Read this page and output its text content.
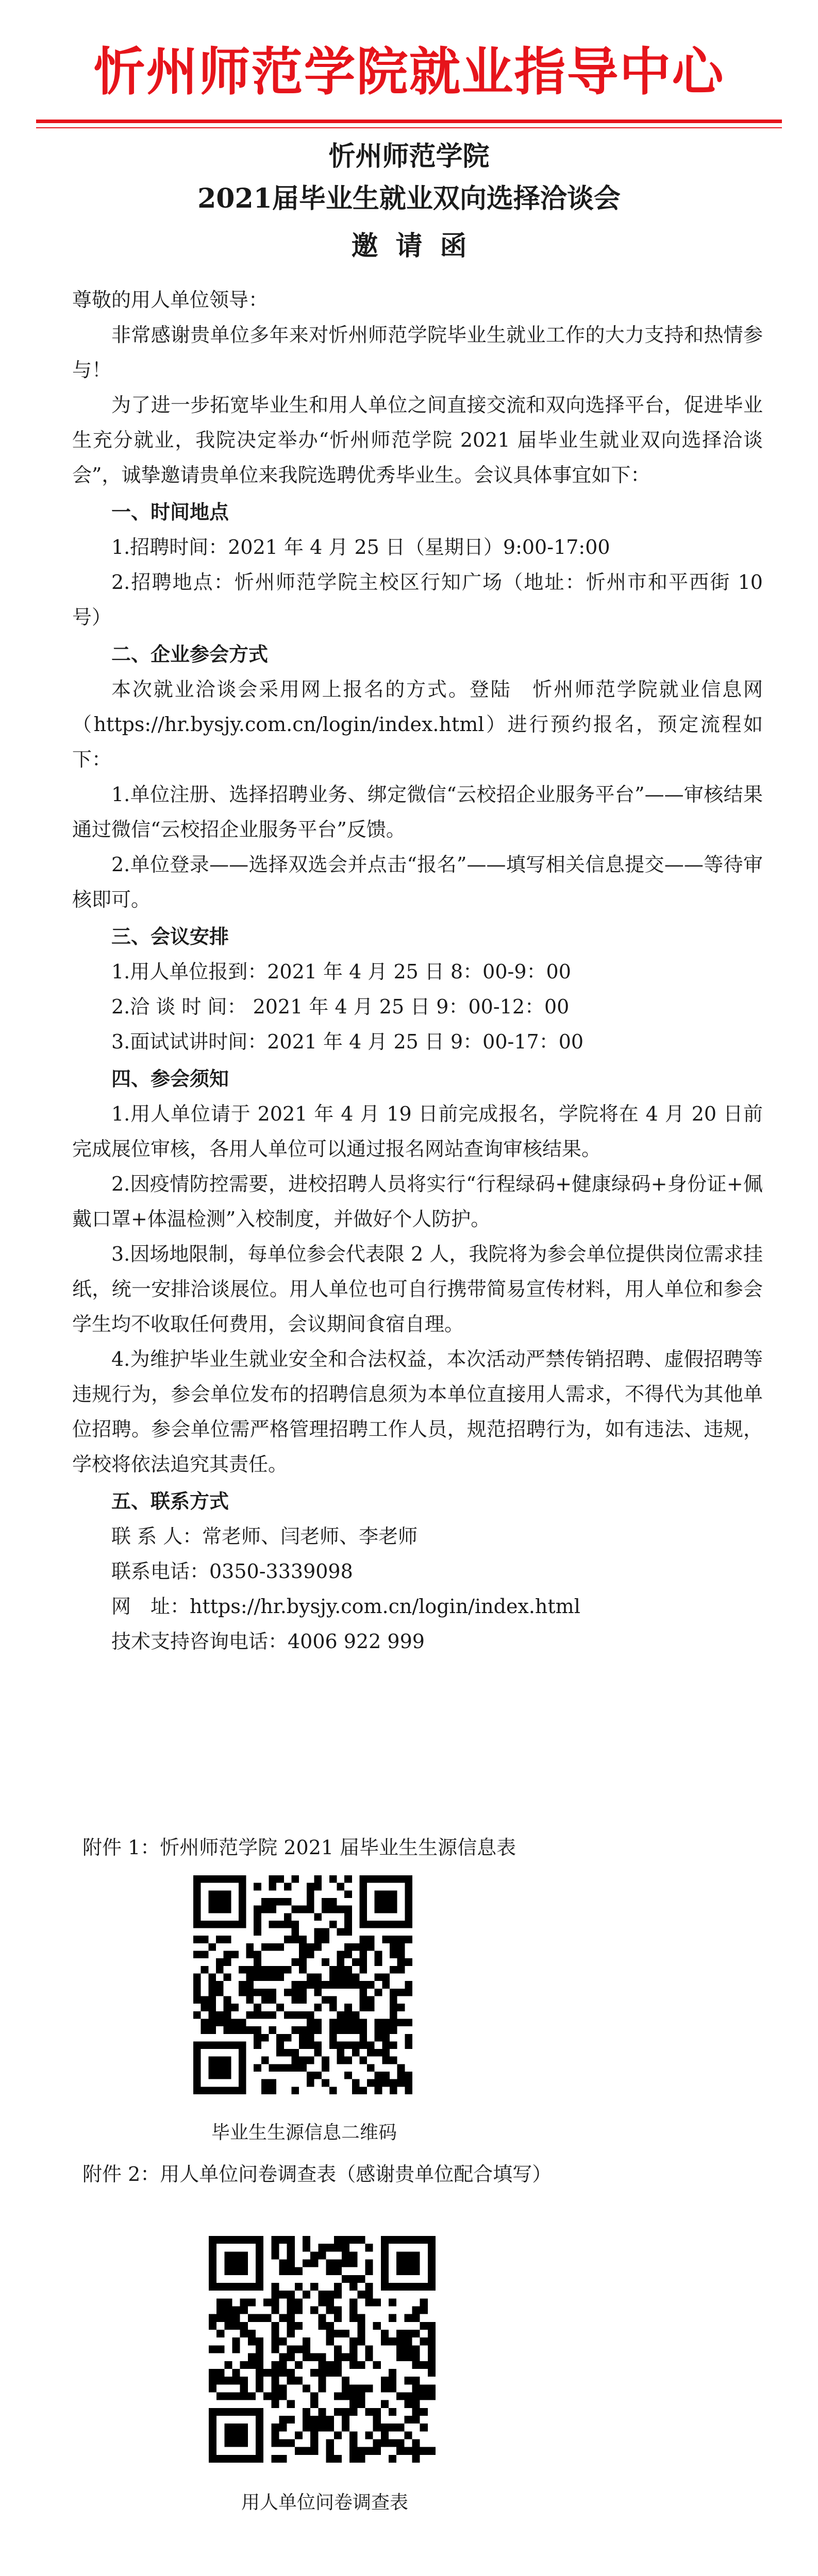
忻州师范学院就业指导中心
忻州师范学院
2021届毕业生就业双向选择洽谈会
邀请函

尊敬的用人单位领导：

非常感谢贵单位多年来对忻州师范学院毕业生就业工作的大力支持和热情参与！

为了进一步拓宽毕业生和用人单位之间直接交流和双向选择平台，促进毕业生充分就业，我院决定举办“忻州师范学院 2021 届毕业生就业双向选择洽谈会”，诚挚邀请贵单位来我院选聘优秀毕业生。会议具体事宜如下：

一、时间地点

1.招聘时间：2021 年 4 月 25 日（星期日）9:00-17:00

2.招聘地点：忻州师范学院主校区行知广场（地址：忻州市和平西街 10 号）

二、企业参会方式

本次就业洽谈会采用网上报名的方式。登陆　忻州师范学院就业信息网（https://hr.bysjy.com.cn/login/index.html）进行预约报名，预定流程如下：

1.单位注册、选择招聘业务、绑定微信“云校招企业服务平台”——审核结果通过微信“云校招企业服务平台”反馈。

2.单位登录——选择双选会并点击“报名”——填写相关信息提交——等待审核即可。

三、会议安排

1.用人单位报到：2021 年 4 月 25 日 8：00-9：00

2.洽 谈 时 间： 2021 年 4 月 25 日 9：00-12：00

3.面试试讲时间：2021 年 4 月 25 日 9：00-17：00

四、参会须知

1.用人单位请于 2021 年 4 月 19 日前完成报名，学院将在 4 月 20 日前完成展位审核，各用人单位可以通过报名网站查询审核结果。

2.因疫情防控需要，进校招聘人员将实行“行程绿码+健康绿码+身份证+佩戴口罩+体温检测”入校制度，并做好个人防护。

3.因场地限制，每单位参会代表限 2 人，我院将为参会单位提供岗位需求挂纸，统一安排洽谈展位。用人单位也可自行携带简易宣传材料，用人单位和参会学生均不收取任何费用，会议期间食宿自理。

4.为维护毕业生就业安全和合法权益，本次活动严禁传销招聘、虚假招聘等违规行为，参会单位发布的招聘信息须为本单位直接用人需求，不得代为其他单位招聘。参会单位需严格管理招聘工作人员，规范招聘行为，如有违法、违规，学校将依法追究其责任。

五、联系方式

联 系 人：常老师、闫老师、李老师

联系电话：0350-3339098

网　址：https://hr.bysjy.com.cn/login/index.html

技术支持咨询电话：4006 922 999

附件 1：忻州师范学院 2021 届毕业生生源信息表
毕业生生源信息二维码
附件 2：用人单位问卷调查表（感谢贵单位配合填写）
用人单位问卷调查表
